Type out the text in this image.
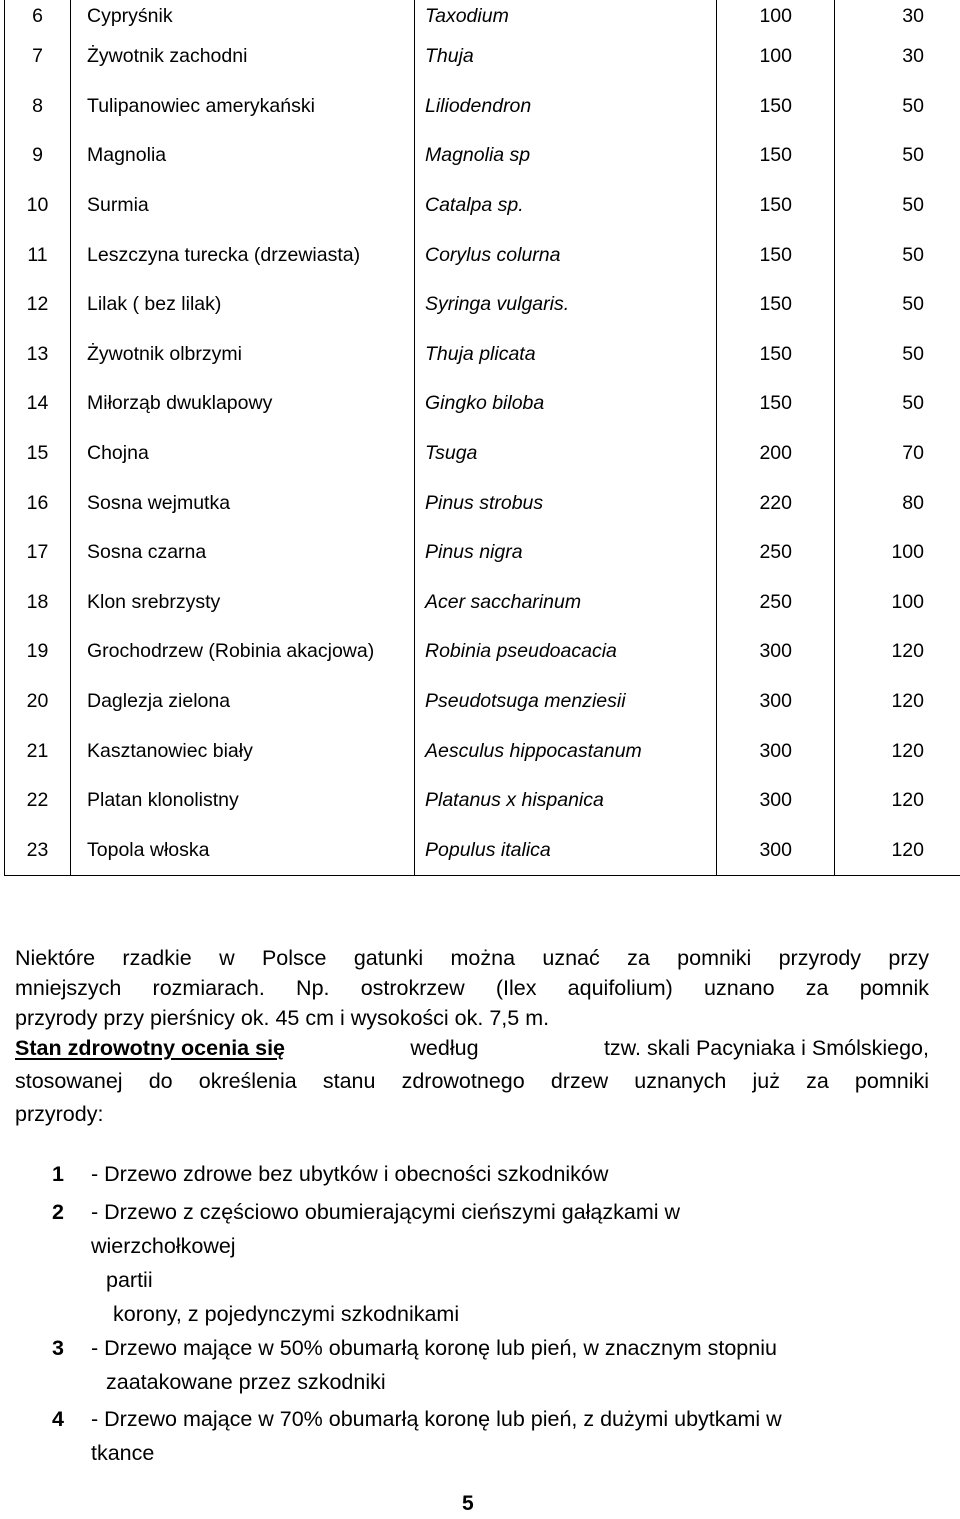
6	Cypryśnik	Taxodium	100	30
7	Żywotnik zachodni	Thuja	100	30
8	Tulipanowiec amerykański	Liliodendron	150	50
9	Magnolia	Magnolia sp	150	50
10	Surmia	Catalpa sp.	150	50
11	Leszczyna turecka (drzewiasta)	Corylus colurna	150	50
12	Lilak ( bez lilak)	Syringa vulgaris.	150	50
13	Żywotnik olbrzymi	Thuja plicata	150	50
14	Miłorząb dwuklapowy	Gingko biloba	150	50
15	Chojna	Tsuga	200	70
16	Sosna wejmutka	Pinus strobus	220	80
17	Sosna czarna	Pinus nigra	250	100
18	Klon srebrzysty	Acer saccharinum	250	100
19	Grochodrzew (Robinia akacjowa)	Robinia pseudoacacia	300	120
20	Daglezja zielona	Pseudotsuga menziesii	300	120
21	Kasztanowiec biały	Aesculus hippocastanum	300	120
22	Platan klonolistny	Platanus x hispanica	300	120
23	Topola włoska	Populus italica	300	120

Niektóre rzadkie w Polsce gatunki można uznać za pomniki przyrody przy
mniejszych rozmiarach. Np. ostrokrzew (Ilex aquifolium) uznano za pomnik
przyrody przy pierśnicy ok. 45 cm i wysokości ok. 7,5 m.

Stan zdrowotny ocenia się	według	tzw. skali Pacyniaka i Smólskiego,
stosowanej do określenia stanu zdrowotnego drzew uznanych już za pomniki
przyrody:
1 - Drzewo zdrowe bez ubytków i obecności szkodników
2 - Drzewo z częściowo obumierającymi cieńszymi gałązkami w
wierzchołkowej
partii
korony, z pojedynczymi szkodnikami
3 - Drzewo mające w 50% obumarłą koronę lub pień, w znacznym stopniu
zaatakowane przez szkodniki
4 - Drzewo mające w 70% obumarłą koronę lub pień, z dużymi ubytkami w
tkance
5
